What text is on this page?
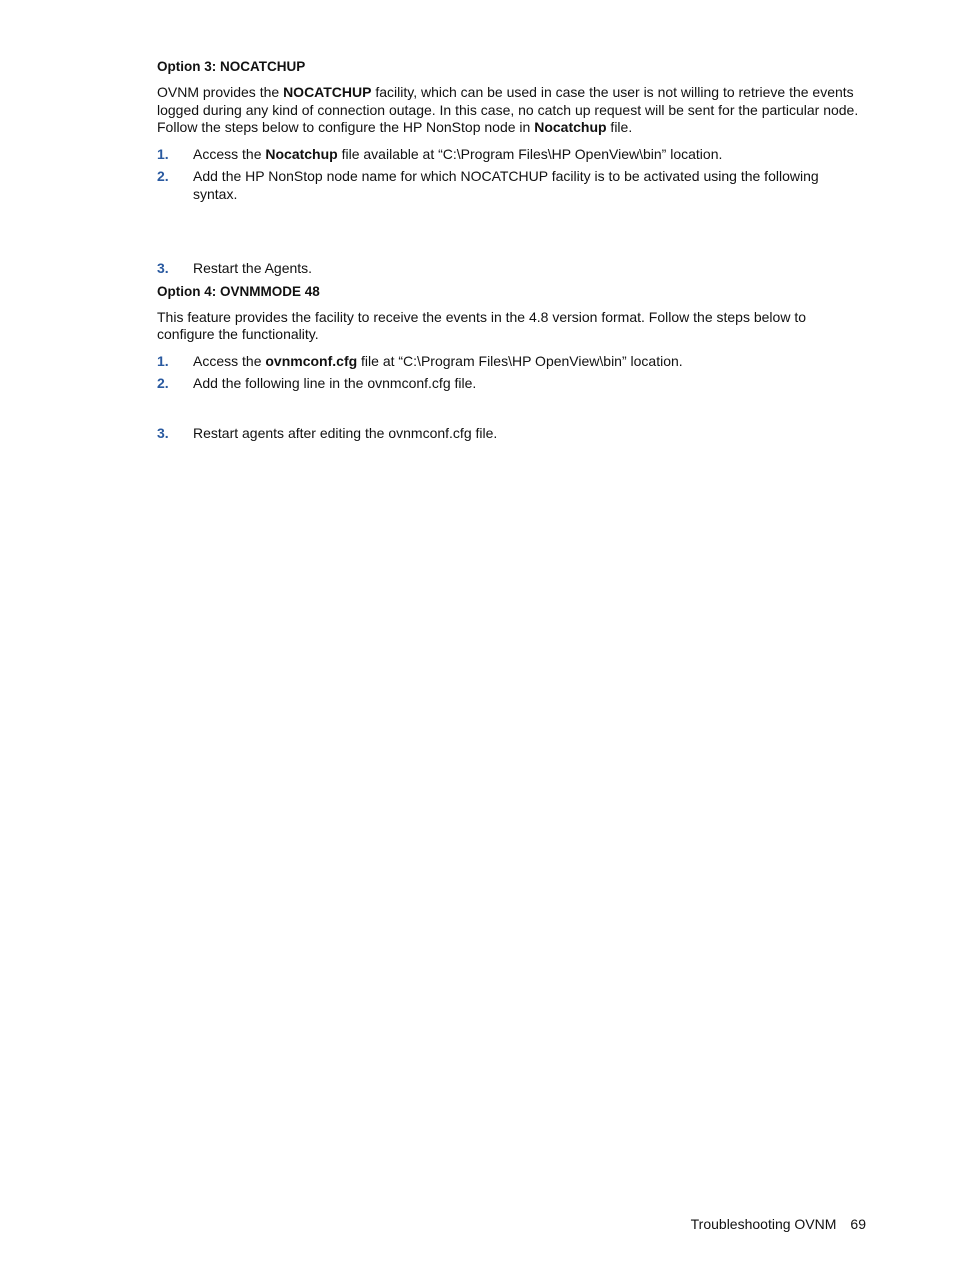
Option 3: NOCATCHUP

OVNM provides the NOCATCHUP facility, which can be used in case the user is not willing to retrieve the events logged during any kind of connection outage. In this case, no catch up request will be sent for the particular node. Follow the steps below to configure the HP NonStop node in Nocatchup file.

1. Access the Nocatchup file available at “C:\Program Files\HP OpenView\bin” location.
2. Add the HP NonStop node name for which NOCATCHUP facility is to be activated using the following syntax.
3. Restart the Agents.
Option 4: OVNMMODE 48

This feature provides the facility to receive the events in the 4.8 version format. Follow the steps below to configure the functionality.

1. Access the ovnmconf.cfg file at “C:\Program Files\HP OpenView\bin” location.
2. Add the following line in the ovnmconf.cfg file.
3. Restart agents after editing the ovnmconf.cfg file.
Troubleshooting OVNM 69
